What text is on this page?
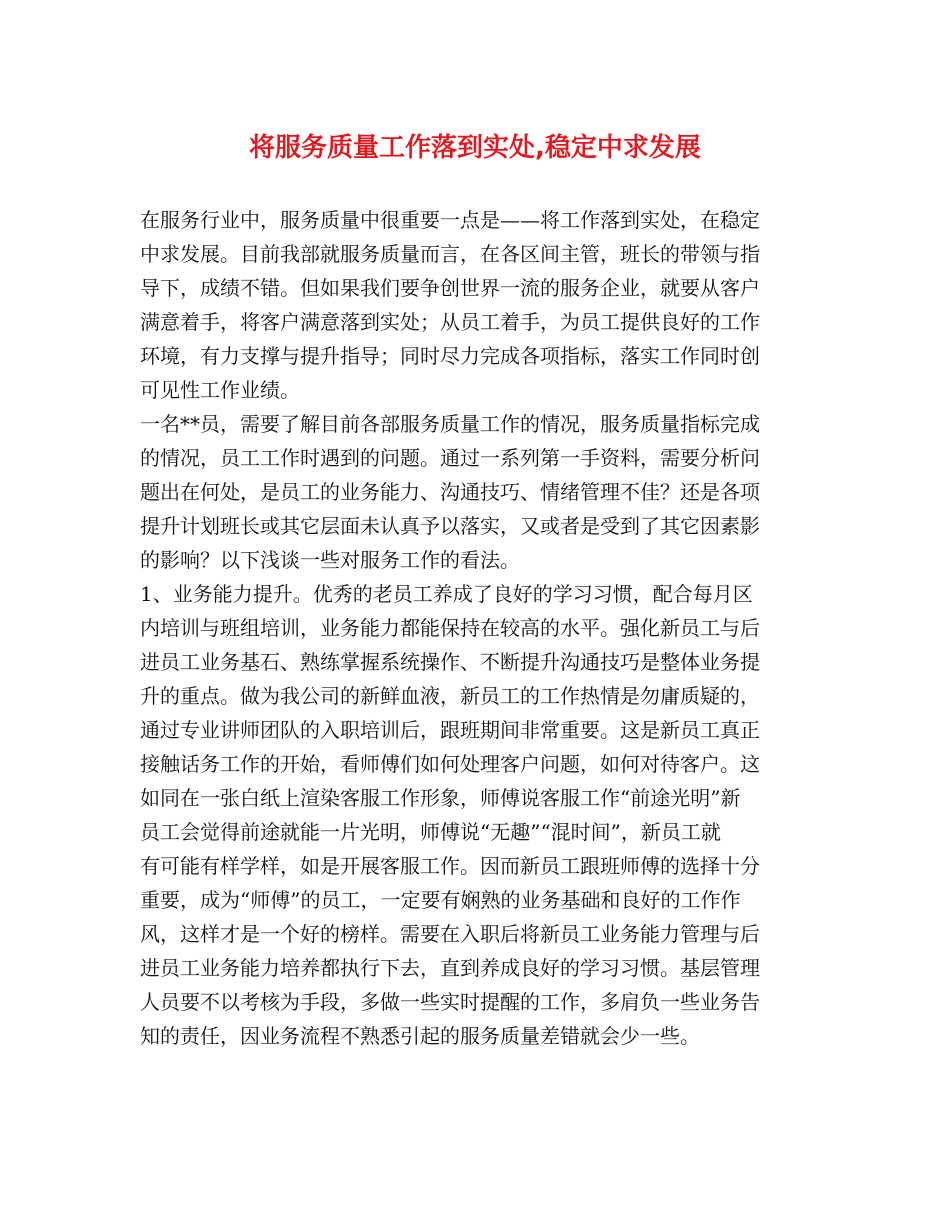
将服务质量工作落到实处,稳定中求发展

在服务行业中，服务质量中很重要一点是——将工作落到实处，在稳定

中求发展。目前我部就服务质量而言，在各区间主管，班长的带领与指

导下，成绩不错。但如果我们要争创世界一流的服务企业，就要从客户

满意着手，将客户满意落到实处；从员工着手，为员工提供良好的工作

环境，有力支撑与提升指导；同时尽力完成各项指标，落实工作同时创

可见性工作业绩。

一名**员，需要了解目前各部服务质量工作的情况，服务质量指标完成

的情况，员工工作时遇到的问题。通过一系列第一手资料，需要分析问

题出在何处，是员工的业务能力、沟通技巧、情绪管理不佳？还是各项

提升计划班长或其它层面未认真予以落实，又或者是受到了其它因素影

的影响？以下浅谈一些对服务工作的看法。

1、业务能力提升。优秀的老员工养成了良好的学习习惯，配合每月区

内培训与班组培训，业务能力都能保持在较高的水平。强化新员工与后

进员工业务基石、熟练掌握系统操作、不断提升沟通技巧是整体业务提

升的重点。做为我公司的新鲜血液，新员工的工作热情是勿庸质疑的，

通过专业讲师团队的入职培训后，跟班期间非常重要。这是新员工真正

接触话务工作的开始，看师傅们如何处理客户问题，如何对待客户。这

如同在一张白纸上渲染客服工作形象，师傅说客服工作“前途光明”新

员工会觉得前途就能一片光明，师傅说“无趣”“混时间”，新员工就

有可能有样学样，如是开展客服工作。因而新员工跟班师傅的选择十分

重要，成为“师傅”的员工，一定要有娴熟的业务基础和良好的工作作

风，这样才是一个好的榜样。需要在入职后将新员工业务能力管理与后

进员工业务能力培养都执行下去，直到养成良好的学习习惯。基层管理

人员要不以考核为手段，多做一些实时提醒的工作，多肩负一些业务告

知的责任，因业务流程不熟悉引起的服务质量差错就会少一些。
